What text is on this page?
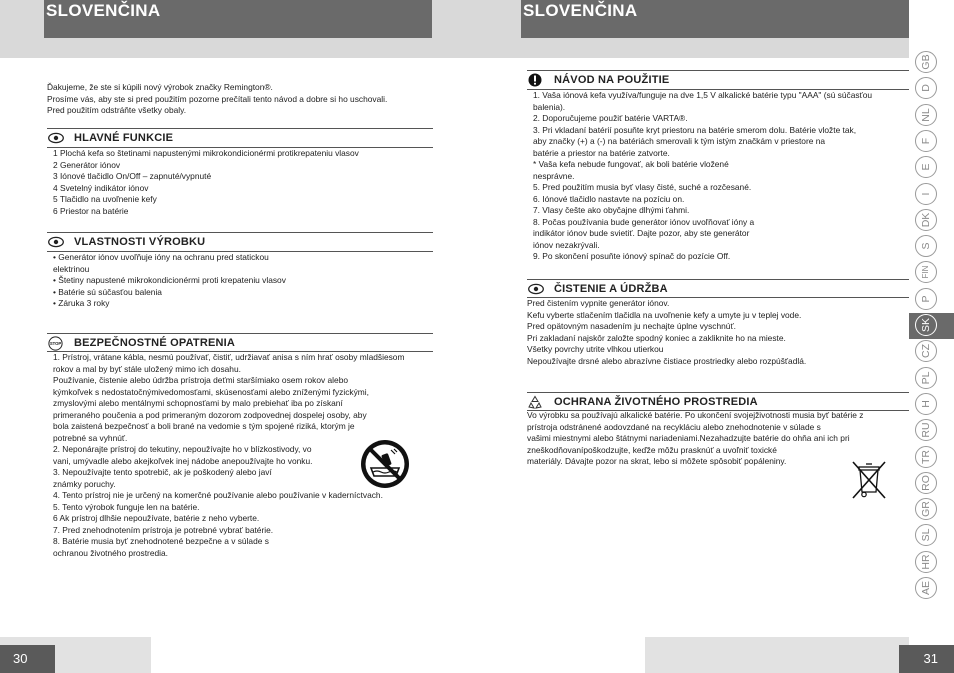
SLOVENČINA
Ďakujeme, že ste si kúpili nový výrobok značky Remington®.
Prosíme vás, aby ste si pred použitím pozorne prečítali tento návod a dobre si ho uschovali.
Pred použitím odstráňte všetky obaly.
HLAVNÉ FUNKCIE
1 Plochá kefa so štetinami napustenými mikrokondicionérmi protikrepateniu vlasov
2 Generátor iónov
3 Iónové tlačidlo On/Off – zapnuté/vypnuté
4 Svetelný indikátor iónov
5 Tlačidlo na uvoľnenie kefy
6 Priestor na batérie
VLASTNOSTI VÝROBKU
• Generátor iónov uvoľňuje ióny na ochranu pred statickou
elektrinou
• Štetiny napustené mikrokondicionérmi proti krepateniu vlasov
• Batérie sú súčasťou balenia
• Záruka 3 roky
STOP BEZPEČNOSTNÉ OPATRENIA
1. Prístroj, vrátane kábla, nesmú používať, čistiť, udržiavať anisa s ním hrať osoby mladšiesom
rokov a mal by byť stále uložený mimo ich dosahu.
Používanie, čistenie alebo údržba prístroja deťmi staršímiako osem rokov alebo
kýmkoľvek s nedostatočnýmivedomosťami, skúsenosťami alebo zníženými fyzickými,
zmyslovými alebo mentálnymi schopnosťami by malo prebiehať iba po získaní
primeraného poučenia a pod primeraným dozorom zodpovednej dospelej osoby, aby
bola zaistená bezpečnosť a boli brané na vedomie s tým spojené riziká, ktorým je
potrebné sa vyhnúť.
2. Neponárajte prístroj do tekutiny, nepoužívajte ho v blízkostivody, vo
vani, umývadle alebo akejkoľvek inej nádobe anepoužívajte ho vonku.
3. Nepoužívajte tento spotrebič, ak je poškodený alebo javí
známky poruchy.
4. Tento prístroj nie je určený na komerčné používanie alebo používanie v kaderníctvach.
5. Tento výrobok funguje len na batérie.
6 Ak prístroj dlhšie nepoužívate, batérie z neho vyberte.
7. Pred znehodnotením prístroja je potrebné vybrať batérie.
8. Batérie musia byť znehodnotené bezpečne a v súlade s
ochranou životného prostredia.
30
SLOVENČINA
NÁVOD NA POUŽITIE
1. Vaša iónová kefa využíva/funguje na dve 1,5 V alkalické batérie typu "AAA" (sú súčasťou
balenia).
2. Doporučujeme použiť batérie VARTA®.
3. Pri vkladaní batérií posuňte kryt priestoru na batérie smerom dolu. Batérie vložte tak,
aby značky (+) a (-) na batériách smerovali k tým istým značkám v priestore na
batérie a priestor na batérie zatvorte.
* Vaša kefa nebude fungovať, ak boli batérie vložené
nesprávne.
5. Pred použitím musia byť vlasy čisté, suché a rozčesané.
6. Iónové tlačidlo nastavte na pozíciu on.
7. Vlasy češte ako obyčajne dlhými ťahmi.
8. Počas používania bude generátor iónov uvoľňovať ióny a
indikátor iónov bude svietiť. Dajte pozor, aby ste generátor
iónov nezakrývali.
9. Po skončení posuňte iónový spínač do pozície Off.
ČISTENIE A ÚDRŽBA
Pred čistením vypnite generátor iónov.
Kefu vyberte stlačením tlačidla na uvoľnenie kefy a umyte ju v teplej vode.
Pred opätovným nasadením ju nechajte úplne vyschnúť.
Pri zakladaní najskôr založte spodný koniec a zakliknite ho na mieste.
Všetky povrchy utrite vlhkou utierkou
Nepoužívajte drsné alebo abrazívne čistiace prostriedky alebo rozpúšťadlá.
OCHRANA ŽIVOTNÉHO PROSTREDIA
Vo výrobku sa používajú alkalické batérie. Po ukončení svojejživotnosti musia byť batérie z
prístroja odstránené aodovzdané na recykláciu alebo znehodnotenie v súlade s
vašimi miestnymi alebo štátnymi nariadeniami.Nezahadzujte batérie do ohňa ani ich pri
zneškodňovanípoškodzujte, keďže môžu prasknúť a uvoľniť toxické
materiály. Dávajte pozor na skrat, lebo si môžete spôsobiť popáleniny.
GB
D
NL
F
E
I
DK
S
FIN
P
SK
CZ
PL
H
RU
TR
RO
GR
SL
HR
AE
31
